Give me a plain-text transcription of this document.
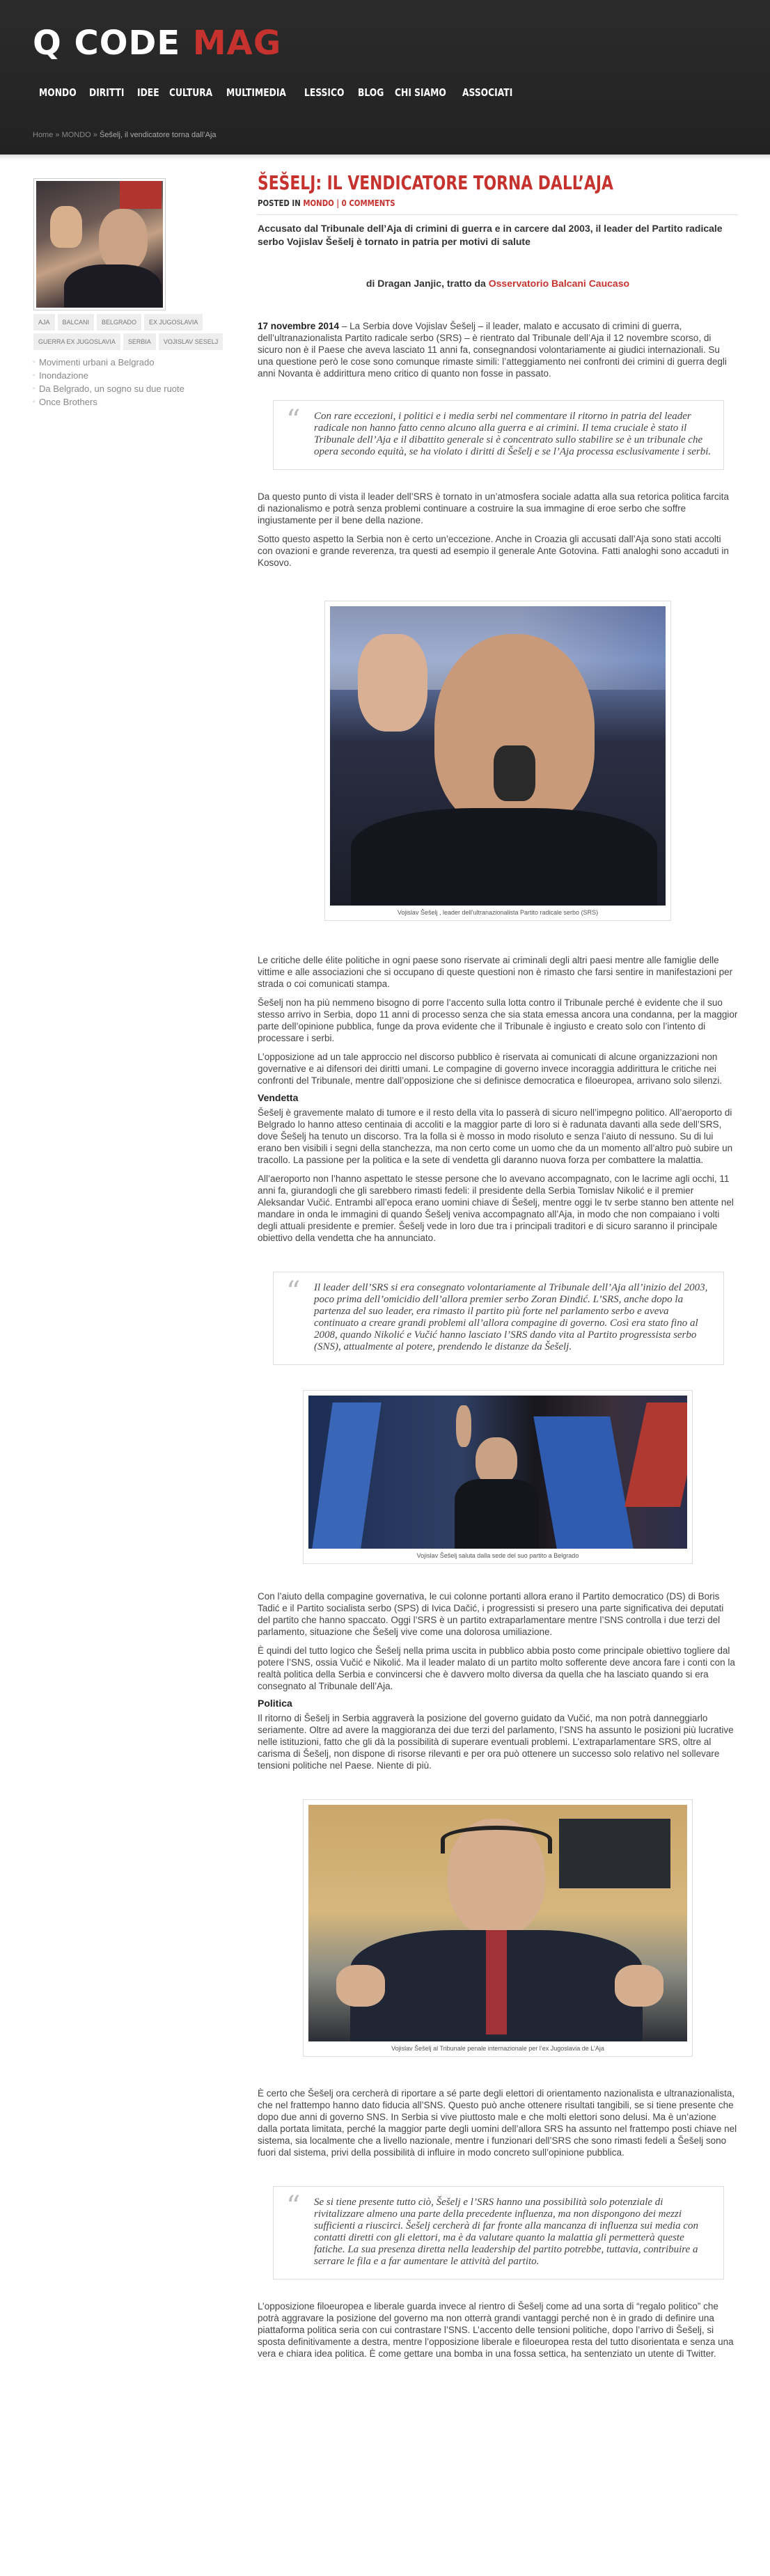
Q CODE MAG
MONDO	DIRITTI	IDEE CULTURA	MULTIMEDIA	LESSICO	BLOG	CHI SIAMO	ASSOCIATI
Home » MONDO » Šešelj, il vendicatore torna dall’Aja
AJA	BALCANI	BELGRADO	EX JUGOSLAVIA
GUERRA EX JUGOSLAVIA	SERBIA	VOJISLAV SESELJ
◦ Movimenti urbani a Belgrado
◦ Inondazione
◦ Da Belgrado, un sogno su due ruote
◦ Once Brothers
ŠEŠELJ: IL VENDICATORE TORNA DALL’AJA
POSTED IN MONDO | 0 COMMENTS

Accusato dal Tribunale dell’Aja di crimini di guerra e in carcere dal 2003, il leader del Partito radicale serbo Vojislav Šešelj è tornato in patria per motivi di salute

di Dragan Janjic, tratto da Osservatorio Balcani Caucaso

17 novembre 2014 – La Serbia dove Vojislav Šešelj – il leader, malato e accusato di crimini di guerra, dell’ultranazionalista Partito radicale serbo (SRS) – è rientrato dal Tribunale dell’Aja il 12 novembre scorso, di sicuro non è il Paese che aveva lasciato 11 anni fa, consegnandosi volontariamente ai giudici internazionali. Su una questione però le cose sono comunque rimaste simili: l’atteggiamento nei confronti dei crimini di guerra degli anni Novanta è addirittura meno critico di quanto non fosse in passato.

“ Con rare eccezioni, i politici e i media serbi nel commentare il ritorno in patria del leader radicale non hanno fatto cenno alcuno alla guerra e ai crimini. Il tema cruciale è stato il Tribunale dell’Aja e il dibattito generale si è concentrato sullo stabilire se è un tribunale che opera secondo equità, se ha violato i diritti di Šešelj e se l’Aja processa esclusivamente i serbi.

Da questo punto di vista il leader dell’SRS è tornato in un’atmosfera sociale adatta alla sua retorica politica farcita di nazionalismo e potrà senza problemi continuare a costruire la sua immagine di eroe serbo che soffre ingiustamente per il bene della nazione.

Sotto questo aspetto la Serbia non è certo un’eccezione. Anche in Croazia gli accusati dall’Aja sono stati accolti con ovazioni e grande reverenza, tra questi ad esempio il generale Ante Gotovina. Fatti analoghi sono accaduti in Kosovo.

Vojislav Šešelj , leader dell’ultranazionalista Partito radicale serbo (SRS)

Le critiche delle élite politiche in ogni paese sono riservate ai criminali degli altri paesi mentre alle famiglie delle vittime e alle associazioni che si occupano di queste questioni non è rimasto che farsi sentire in manifestazioni per strada o coi comunicati stampa.

Šešelj non ha più nemmeno bisogno di porre l’accento sulla lotta contro il Tribunale perché è evidente che il suo stesso arrivo in Serbia, dopo 11 anni di processo senza che sia stata emessa ancora una condanna, per la maggior parte dell’opinione pubblica, funge da prova evidente che il Tribunale è ingiusto e creato solo con l’intento di processare i serbi.

L’opposizione ad un tale approccio nel discorso pubblico è riservata ai comunicati di alcune organizzazioni non governative e ai difensori dei diritti umani. Le compagine di governo invece incoraggia addirittura le critiche nei confronti del Tribunale, mentre dall’opposizione che si definisce democratica e filoeuropea, arrivano solo silenzi.

Vendetta

Šešelj è gravemente malato di tumore e il resto della vita lo passerà di sicuro nell’impegno politico. All’aeroporto di Belgrado lo hanno atteso centinaia di accoliti e la maggior parte di loro si è radunata davanti alla sede dell’SRS, dove Šešelj ha tenuto un discorso. Tra la folla si è mosso in modo risoluto e senza l’aiuto di nessuno. Su di lui erano ben visibili i segni della stanchezza, ma non certo come un uomo che da un momento all’altro può subire un tracollo. La passione per la politica e la sete di vendetta gli daranno nuova forza per combattere la malattia.

All’aeroporto non l’hanno aspettato le stesse persone che lo avevano accompagnato, con le lacrime agli occhi, 11 anni fa, giurandogli che gli sarebbero rimasti fedeli: il presidente della Serbia Tomislav Nikolić e il premier Aleksandar Vučić. Entrambi all’epoca erano uomini chiave di Šešelj, mentre oggi le tv serbe stanno ben attente nel mandare in onda le immagini di quando Šešelj veniva accompagnato all’Aja, in modo che non compaiano i volti degli attuali presidente e premier. Šešelj vede in loro due tra i principali traditori e di sicuro saranno il principale obiettivo della vendetta che ha annunciato.

“ Il leader dell’SRS si era consegnato volontariamente al Tribunale dell’Aja all’inizio del 2003, poco prima dell’omicidio dell’allora premier serbo Zoran Đinđić. L’SRS, anche dopo la partenza del suo leader, era rimasto il partito più forte nel parlamento serbo e aveva continuato a creare grandi problemi all’allora compagine di governo. Così era stato fino al 2008, quando Nikolić e Vučić hanno lasciato l’SRS dando vita al Partito progressista serbo (SNS), attualmente al potere, prendendo le distanze da Šešelj.
Vojislav Šešelj saluta dalla sede del suo partito a Belgrado

Con l’aiuto della compagine governativa, le cui colonne portanti allora erano il Partito democratico (DS) di Boris Tadić e il Partito socialista serbo (SPS) di Ivica Dačić, i progressisti si presero una parte significativa dei deputati del partito che hanno spaccato. Oggi l’SRS è un partito extraparlamentare mentre l’SNS controlla i due terzi del parlamento, situazione che Šešelj vive come una dolorosa umiliazione.

È quindi del tutto logico che Šešelj nella prima uscita in pubblico abbia posto come principale obiettivo togliere dal potere l’SNS, ossia Vučić e Nikolić. Ma il leader malato di un partito molto sofferente deve ancora fare i conti con la realtà politica della Serbia e convincersi che è davvero molto diversa da quella che ha lasciato quando si era consegnato al Tribunale dell’Aja.

Politica

Il ritorno di Šešelj in Serbia aggraverà la posizione del governo guidato da Vučić, ma non potrà danneggiarlo seriamente. Oltre ad avere la maggioranza dei due terzi del parlamento, l’SNS ha assunto le posizioni più lucrative nelle istituzioni, fatto che gli dà la possibilità di superare eventuali problemi. L’extraparlamentare SRS, oltre al carisma di Šešelj, non dispone di risorse rilevanti e per ora può ottenere un successo solo relativo nel sollevare tensioni politiche nel Paese. Niente di più.

Vojislav Šešelj al Tribunale penale internazionale per l’ex Jugoslavia de L’Aja

È certo che Šešelj ora cercherà di riportare a sé parte degli elettori di orientamento nazionalista e ultranazionalista, che nel frattempo hanno dato fiducia all’SNS. Questo può anche ottenere risultati tangibili, se si tiene presente che dopo due anni di governo SNS. In Serbia si vive piuttosto male e che molti elettori sono delusi. Ma è un’azione dalla portata limitata, perché la maggior parte degli uomini dell’allora SRS ha assunto nel frattempo posti chiave nel sistema, sia localmente che a livello nazionale, mentre i funzionari dell’SRS che sono rimasti fedeli a Šešelj sono fuori dal sistema, privi della possibilità di influire in modo concreto sull’opinione pubblica.

“ Se si tiene presente tutto ciò, Šešelj e l’SRS hanno una possibilità solo potenziale di rivitalizzare almeno una parte della precedente influenza, ma non dispongono dei mezzi sufficienti a riuscirci. Šešelj cercherà di far fronte alla mancanza di influenza sui media con contatti diretti con gli elettori, ma è da valutare quanto la malattia gli permetterà queste fatiche. La sua presenza diretta nella leadership del partito potrebbe, tuttavia, contribuire a serrare le fila e a far aumentare le attività del partito.

L’opposizione filoeuropea e liberale guarda invece al rientro di Šešelj come ad una sorta di “regalo politico” che potrà aggravare la posizione del governo ma non otterrà grandi vantaggi perché non è in grado di definire una piattaforma politica seria con cui contrastare l’SNS. L’accento delle tensioni politiche, dopo l’arrivo di Šešelj, si sposta definitivamente a destra, mentre l’opposizione liberale e filoeuropea resta del tutto disorientata e senza una vera e chiara idea politica. È come gettare una bomba in una fossa settica, ha sentenziato un utente di Twitter.
